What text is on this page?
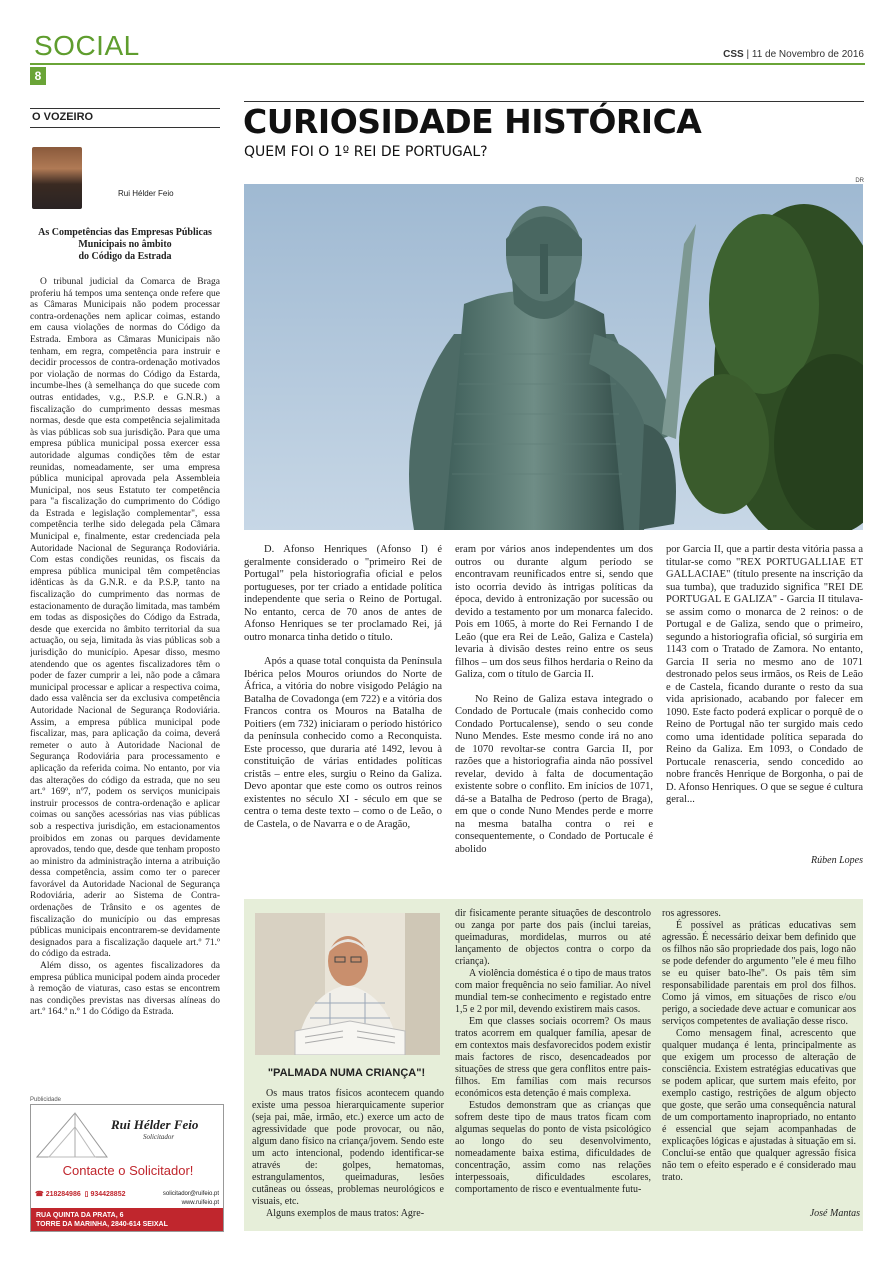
SOCIAL
8
CSS | 11 de Novembro de 2016
O VOZEIRO
Rui Hélder Feio
As Competências das Empresas Públicas
Municipais no âmbito
do Código da Estrada

O tribunal judicial da Comarca de Braga proferiu há tempos uma sentença onde refere que as Câmaras Municipais não podem processar contra-ordenações nem aplicar coimas, estando em causa violações de normas do Código da Estrada. Embora as Câmaras Municipais não tenham, em regra, competência para instruir e decidir processos de contra-ordenação motivados por violação de normas do Código da Estarda, incumbe-lhes (à semelhança do que sucede com outras entidades, v.g., P.S.P. e G.N.R.) a fiscalização do cumprimento dessas mesmas normas, desde que esta competência sejalimitada às vias públicas sob sua jurisdição. Para que uma empresa pública municipal possa exercer essa autoridade algumas condições têm de estar reunidas, nomeadamente, ser uma empresa pública municipal aprovada pela Assembleia Municipal, nos seus Estatuto ter competência para "a fiscalização do cumprimento do Código da Estrada e legislação complementar", essa competência terlhe sido delegada pela Câmara Municipal e, finalmente, estar credenciada pela Autoridade Nacional de Segurança Rodoviária. Com estas condições reunidas, os fiscais da empresa pública municipal têm competências idênticas às da G.N.R. e da P.S.P, tanto na fiscalização do cumprimento das normas de estacionamento de duração limitada, mas também em todas as disposições do Código da Estrada, desde que exercida no âmbito territorial da sua actuação, ou seja, limitada às vias públicas sob a jurisdição do município. Apesar disso, mesmo atendendo que os agentes fiscalizadores têm o poder de fazer cumprir a lei, não pode a câmara municipal processar e aplicar a respectiva coima, dado essa valência ser da exclusiva competência Autoridade Nacional de Segurança Rodoviária. Assim, a empresa pública municipal pode fiscalizar, mas, para aplicação da coima, deverá remeter o auto à Autoridade Nacional de Segurança Rodoviária para processamento e aplicação da referida coima. No entanto, por via das alterações do código da estrada, que no seu art.º 169º, nº7, podem os serviços municipais instruir processos de contra-ordenação e aplicar coimas ou sanções acessórias nas vias públicas sob a respectiva jurisdição, em estacionamentos proibidos em zonas ou parques devidamente aprovados, tendo que, desde que tenham proposto ao ministro da administração interna a atribuição dessa competência, assim como ter o parecer favorável da Autoridade Nacional de Segurança Rodoviária, aderir ao Sistema de Contra-ordenações de Trânsito e os agentes de fiscalização do município ou das empresas públicas municipais encontrarem-se devidamente designados para a fiscalização daquele art.º 71.º do código da estrada.

Além disso, os agentes fiscalizadores da empresa pública municipal podem ainda proceder à remoção de viaturas, caso estas se encontrem nas condições previstas nas diversas alíneas do art.º 164.º n.º 1 do Código da Estrada.

Publicidade
Rui Hélder Feio
Solicitador
Contacte o Solicitador!
☎ 218284986 ▯ 934428852	solicitador@ruifeio.pt
www.ruifeio.pt
RUA QUINTA DA PRATA, 6
TORRE DA MARINHA, 2840-614 SEIXAL
CURIOSIDADE HISTÓRICA
QUEM FOI O 1º REI DE PORTUGAL?
DR

D. Afonso Henriques (Afonso I) é geralmente considerado o "primeiro Rei de Portugal" pela historiografia oficial e pelos portugueses, por ter criado a entidade política independente que seria o Reino de Portugal. No entanto, cerca de 70 anos de antes de Afonso Henriques se ter proclamado Rei, já outro monarca tinha detido o título.

Após a quase total conquista da Península Ibérica pelos Mouros oriundos do Norte de África, a vitória do nobre visigodo Pelágio na Batalha de Covadonga (em 722) e a vitória dos Francos contra os Mouros na Batalha de Poitiers (em 732) iniciaram o período histórico da península conhecido como a Reconquista. Este processo, que duraria até 1492, levou à constituição de várias entidades políticas cristãs – entre eles, surgiu o Reino da Galiza. Devo apontar que este como os outros reinos existentes no século XI - século em que se centra o tema deste texto – como o de Leão, o de Castela, o de Navarra e o de Aragão,

eram por vários anos independentes um dos outros ou durante algum período se encontravam reunificados entre si, sendo que isto ocorria devido às intrigas políticas da época, devido à entronização por sucessão ou devido a testamento por um monarca falecido. Pois em 1065, à morte do Rei Fernando I de Leão (que era Rei de Leão, Galiza e Castela) levaria à divisão destes reino entre os seus filhos – um dos seus filhos herdaria o Reino da Galiza, com o título de Garcia II.

No Reino de Galiza estava integrado o Condado de Portucale (mais conhecido como Condado Portucalense), sendo o seu conde Nuno Mendes. Este mesmo conde irá no ano de 1070 revoltar-se contra Garcia II, por razões que a historiografia ainda não possível revelar, devido à falta de documentação existente sobre o conflito. Em inícios de 1071, dá-se a Batalha de Pedroso (perto de Braga), em que o conde Nuno Mendes perde e morre na mesma batalha contra o rei e consequentemente, o Condado de Portucale é abolido

por Garcia II, que a partir desta vitória passa a titular-se como "REX PORTUGALLIAE ET GALLACIAE" (título presente na inscrição da sua tumba), que traduzido significa "REI DE PORTUGAL E GALIZA" - Garcia II titulava-se assim como o monarca de 2 reinos: o de Portugal e de Galiza, sendo que o primeiro, segundo a historiografia oficial, só surgiria em 1143 com o Tratado de Zamora. No entanto, Garcia II seria no mesmo ano de 1071 destronado pelos seus irmãos, os Reis de Leão e de Castela, ficando durante o resto da sua vida aprisionado, acabando por falecer em 1090. Este facto poderá explicar o porquê de o Reino de Portugal não ter surgido mais cedo como uma identidade política separada do Reino da Galiza. Em 1093, o Condado de Portucale renasceria, sendo concedido ao nobre francês Henrique de Borgonha, o pai de D. Afonso Henriques. O que se segue é cultura geral...

Rúben Lopes
"PALMADA NUMA CRIANÇA"!

Os maus tratos físicos acontecem quando existe uma pessoa hierarquicamente superior (seja pai, mãe, irmão, etc.) exerce um acto de agressividade que pode provocar, ou não, algum dano físico na criança/jovem. Sendo este um acto intencional, podendo identificar-se através de: golpes, hematomas, estrangulamentos, queimaduras, lesões cutâneas ou ósseas, problemas neurológicos e visuais, etc.

Alguns exemplos de maus tratos: Agre-

dir fisicamente perante situações de descontrolo ou zanga por parte dos pais (inclui tareias, queimaduras, mordidelas, murros ou até lançamento de objectos contra o corpo da criança).

A violência doméstica é o tipo de maus tratos com maior frequência no seio familiar. Ao nível mundial tem-se conhecimento e registado entre 1,5 e 2 por mil, devendo existirem mais casos.

Em que classes sociais ocorrem? Os maus tratos acorrem em qualquer família, apesar de em contextos mais desfavorecidos podem existir mais factores de risco, desencadeados por situações de stress que gera conflitos entre pais-filhos. Em famílias com mais recursos económicos esta detenção é mais complexa.

Estudos demonstram que as crianças que sofrem deste tipo de maus tratos ficam com algumas sequelas do ponto de vista psicológico ao longo do seu desenvolvimento, nomeadamente baixa estima, dificuldades de concentração, assim como nas relações interpessoais, dificuldades escolares, comportamento de risco e eventualmente futu-

ros agressores.

É possível as práticas educativas sem agressão. É necessário deixar bem definido que os filhos não são propriedade dos pais, logo não se pode defender do argumento "ele é meu filho se eu quiser bato-lhe". Os pais têm sim responsabilidade parentais em prol dos filhos. Como já vimos, em situações de risco e/ou perigo, a sociedade deve actuar e comunicar aos serviços competentes de avaliação desse risco.

Como mensagem final, acrescento que qualquer mudança é lenta, principalmente as que exigem um processo de alteração de consciência. Existem estratégias educativas que se podem aplicar, que surtem mais efeito, por exemplo castigo, restrições de algum objecto que goste, que serão uma consequência natural de um comportamento inapropriado, no entanto é essencial que sejam acompanhadas de explicações lógicas e ajustadas à situação em si. Conclui-se então que qualquer agressão física não tem o efeito esperado e é considerado mau trato.

José Mantas
